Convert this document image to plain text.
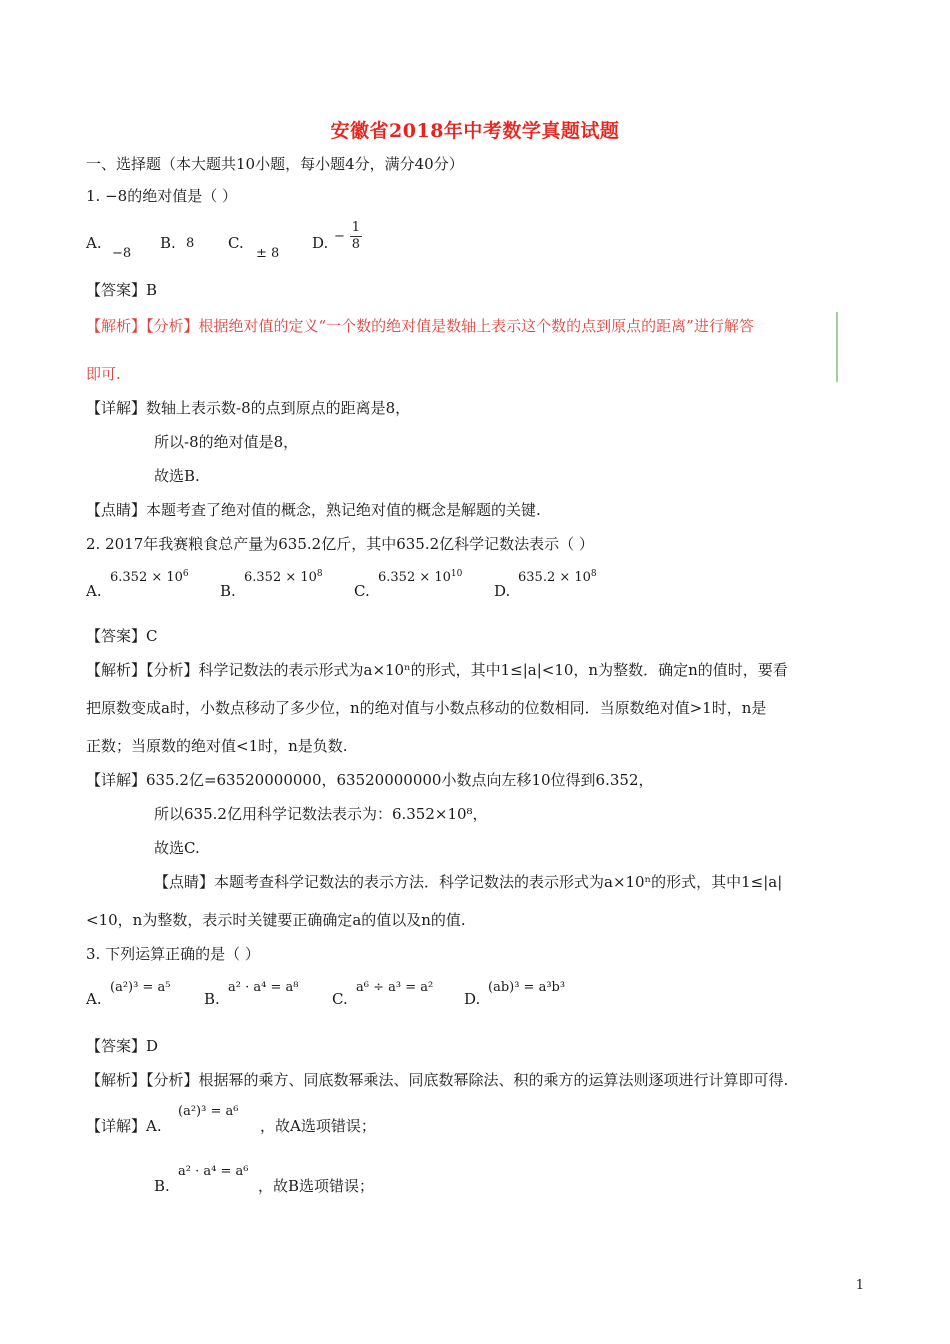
安徽省2018年中考数学真题试题
一、选择题（本大题共10小题，每小题4分，满分40分）
1. −8的绝对值是（ ）
A.
−8
B. 8 C.
± 8
D. − $\frac{1}{8}$
【答案】B
【解析】【分析】根据绝对值的定义“一个数的绝对值是数轴上表示这个数的点到原点的距离”进行解答
即可.
【详解】数轴上表示数-8的点到原点的距离是8，
所以-8的绝对值是8，
故选B.
【点睛】本题考查了绝对值的概念，熟记绝对值的概念是解题的关键.
2. 2017年我赛粮食总产量为635.2亿斤，其中635.2亿科学记数法表示（ ）
A.
$6.352 \times 10^6$
B.
$6.352 \times 10^8$
C.
$6.352 \times 10^{10}$
D.
$635.2 \times 10^8$
【答案】C
【解析】【分析】科学记数法的表示形式为a×10ⁿ的形式，其中1≤|a|<10，n为整数．确定n的值时，要看
把原数变成a时，小数点移动了多少位，n的绝对值与小数点移动的位数相同．当原数绝对值>1时，n是
正数；当原数的绝对值<1时，n是负数.
【详解】635.2亿=63520000000，63520000000小数点向左移10位得到6.352，
所以635.2亿用科学记数法表示为：6.352×10⁸，
故选C.
【点睛】本题考查科学记数法的表示方法．科学记数法的表示形式为a×10ⁿ的形式，其中1≤|a|
<10，n为整数，表示时关键要正确确定a的值以及n的值.
3. 下列运算正确的是（ ）
A.
(a²)³ = a⁵
B.
a² · a⁴ = a⁸
C.
a⁶ ÷ a³ = a²
D.
(ab)³ = a³b³
【答案】D
【解析】【分析】根据幂的乘方、同底数幂乘法、同底数幂除法、积的乘方的运算法则逐项进行计算即可得.
【详解】A.
(a²)³ = a⁶
，故A选项错误；
B.
a² · a⁴ = a⁶
，故B选项错误；
1
